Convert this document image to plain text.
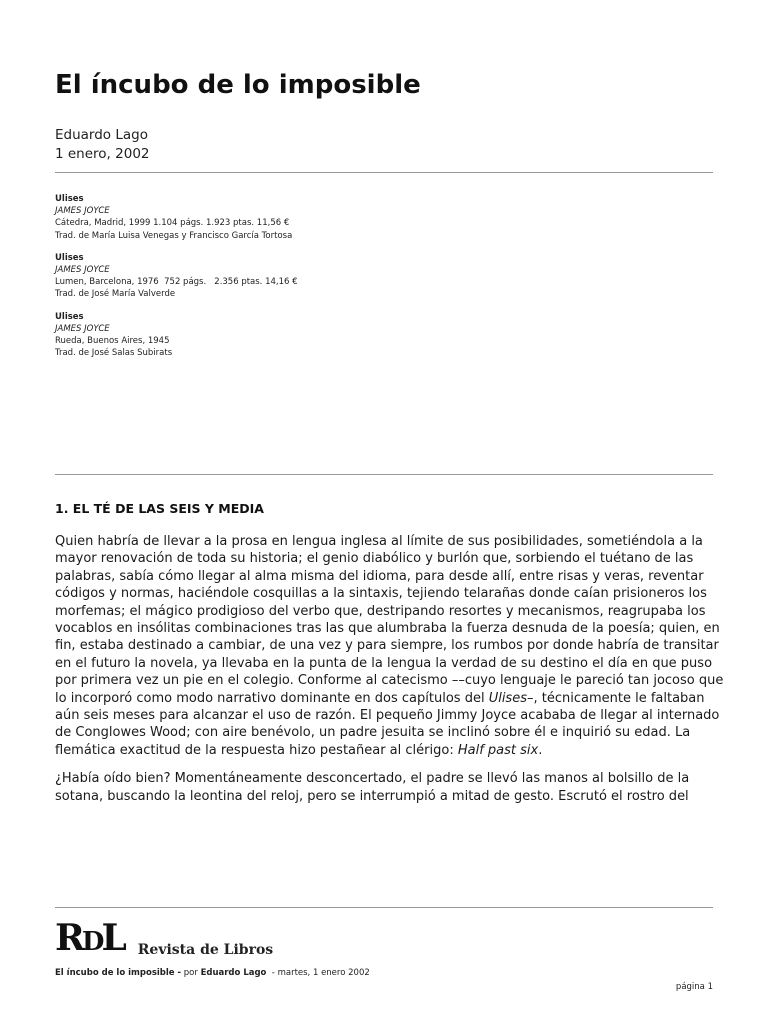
El íncubo de lo imposible
Eduardo Lago
1 enero, 2002
Ulises
JAMES JOYCE
Cátedra, Madrid, 1999 1.104 págs. 1.923 ptas. 11,56 €
Trad. de María Luisa Venegas y Francisco García Tortosa
Ulises
JAMES JOYCE
Lumen, Barcelona, 1976  752 págs.   2.356 ptas. 14,16 €
Trad. de José María Valverde
Ulises
JAMES JOYCE
Rueda, Buenos Aires, 1945
Trad. de José Salas Subirats
1. EL TÉ DE LAS SEIS Y MEDIA

Quien habría de llevar a la prosa en lengua inglesa al límite de sus posibilidades, sometiéndola a la
mayor renovación de toda su historia; el genio diabólico y burlón que, sorbiendo el tuétano de las
palabras, sabía cómo llegar al alma misma del idioma, para desde allí, entre risas y veras, reventar
códigos y normas, haciéndole cosquillas a la sintaxis, tejiendo telarañas donde caían prisioneros los
morfemas; el mágico prodigioso del verbo que, destripando resortes y mecanismos, reagrupaba los
vocablos en insólitas combinaciones tras las que alumbraba la fuerza desnuda de la poesía; quien, en
fin, estaba destinado a cambiar, de una vez y para siempre, los rumbos por donde habría de transitar
en el futuro la novela, ya llevaba en la punta de la lengua la verdad de su destino el día en que puso
por primera vez un pie en el colegio. Conforme al catecismo ––cuyo lenguaje le pareció tan jocoso que
lo incorporó como modo narrativo dominante en dos capítulos del Ulises–, técnicamente le faltaban
aún seis meses para alcanzar el uso de razón. El pequeño Jimmy Joyce acababa de llegar al internado
de Conglowes Wood; con aire benévolo, un padre jesuita se inclinó sobre él e inquirió su edad. La
flemática exactitud de la respuesta hizo pestañear al clérigo: Half past six.

¿Había oído bien? Momentáneamente desconcertado, el padre se llevó las manos al bolsillo de la
sotana, buscando la leontina del reloj, pero se interrumpió a mitad de gesto. Escrutó el rostro del

RDL Revista de Libros
El íncubo de lo imposible - por Eduardo Lago  - martes, 1 enero 2002
página 1
